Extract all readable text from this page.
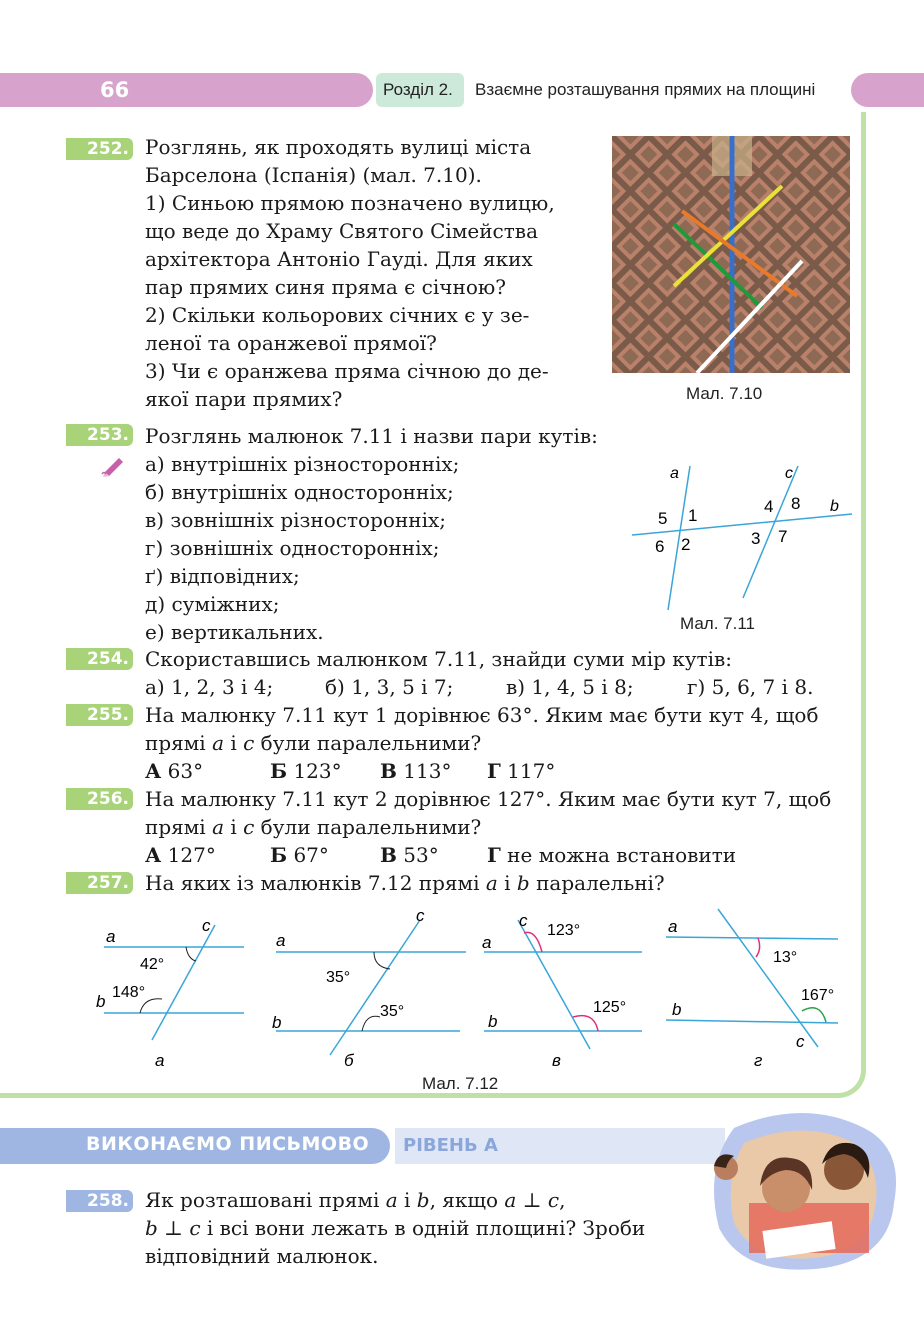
66	Розділ 2. Взаємне розташування прямих на площині
252. Розглянь, як проходять вулиці міста
Барселона (Іспанія) (мал. 7.10).
1) Синьою прямою позначено вулицю,
що веде до Храму Святого Сімейства
архітектора Антоніо Гауді. Для яких
пар прямих синя пряма є січною?
2) Скільки кольорових січних є у зе-
леної та оранжевої прямої?
3) Чи є оранжева пряма січною до де-
якої пари прямих?	Мал. 7.10
253. Розглянь малюнок 7.11 і назви пари кутів:
а) внутрішніх різносторонніх;
б) внутрішніх односторонніх;
в) зовнішніх різносторонніх;
г) зовнішніх односторонніх;
ґ) відповідних;
д) суміжних;
е) вертикальних.
a	c
b
5 1
6 2
4 8
3 7
Мал. 7.11
254. Скориставшись малюнком 7.11, знайди суми мір кутів:
а) 1, 2, 3 і 4;	б) 1, 3, 5 і 7;	в) 1, 4, 5 і 8;	г) 5, 6, 7 і 8.
255. На малюнку 7.11 кут 1 дорівнює 63°. Яким має бути кут 4, щоб
прямі a і c були паралельними?
А 63°	Б 123° В 113° Г 117°
256. На малюнку 7.11 кут 2 дорівнює 127°. Яким має бути кут 7, щоб
прямі a і c були паралельними?
А 127°	Б 67°	В 53° Г не можна встановити
257. На яких із малюнків 7.12 прямі a і b паралельні?
a
b
c
42°
148°
а
a
b
c
35°
35°
б
a
b
c
123°
125°
в
a
b
c
13°
167°
г
Мал. 7.12
ВИКОНАЄМО ПИСЬМОВО РІВЕНЬ А
258. Як розташовані прямі a і b, якщо a ⊥ c,
b ⊥ c і всі вони лежать в одній площині? Зроби
відповідний малюнок.
